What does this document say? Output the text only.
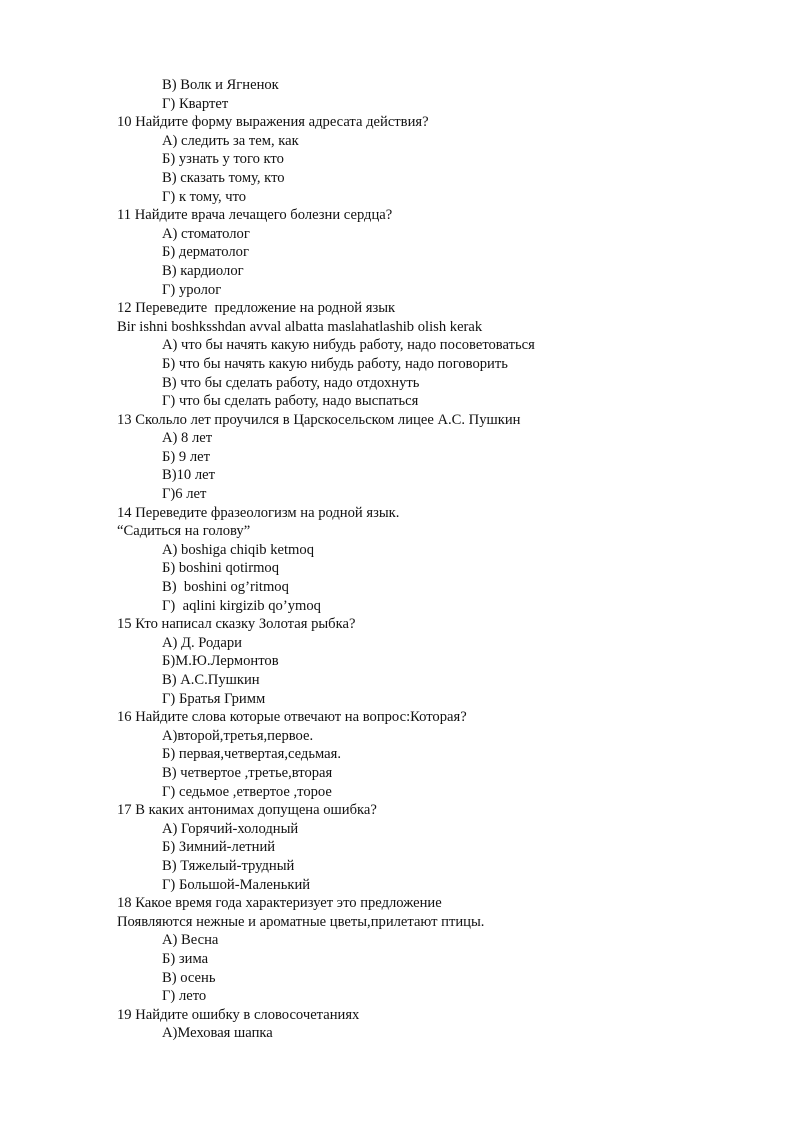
В) Волк и Ягненок
Г) Квартет
10 Найдите форму выражения адресата действия?
А) следить за тем, как
Б) узнать у того кто
В) сказать тому, кто
Г) к тому, что
11 Найдите врача лечащего болезни сердца?
А) стоматолог
Б) дерматолог
В) кардиолог
Г) уролог
12 Переведите  предложение на родной язык
Bir ishni boshksshdan avval albatta maslahatlashib olish kerak
А) что бы начять какую нибудь работу, надо посоветоваться
Б) что бы начять какую нибудь работу, надо поговорить
В) что бы сделать работу, надо отдохнуть
Г) что бы сделать работу, надо выспаться
13 Скольло лет проучился в Царскосельском лицее А.С. Пушкин
А) 8 лет
Б) 9 лет
В)10 лет
Г)6 лет
14 Переведите фразеологизм на родной язык.
“Садиться на голову”
А) boshiga chiqib ketmoq
Б) boshini qotirmoq
В)  boshini og’ritmoq
Г)  aqlini kirgizib qo’ymoq
15 Кто написал сказку Золотая рыбка?
А) Д. Родари
Б)М.Ю.Лермонтов
В) А.С.Пушкин
Г) Братья Гримм
16 Найдите слова которые отвечают на вопрос:Которая?
А)второй,третья,первое.
Б) первая,четвертая,седьмая.
В) четвертое ,третье,вторая
Г) седьмое ,етвертое ,торое
17 В каких антонимах допущена ошибка?
А) Горячий-холодный
Б) Зимний-летний
В) Тяжелый-трудный
Г) Большой-Маленький
18 Какое время года характеризует это предложение
Появляются нежные и ароматные цветы,прилетают птицы.
А) Весна
Б) зима
В) осень
Г) лето
19 Найдите ошибку в словосочетаниях
А)Меховая шапка
